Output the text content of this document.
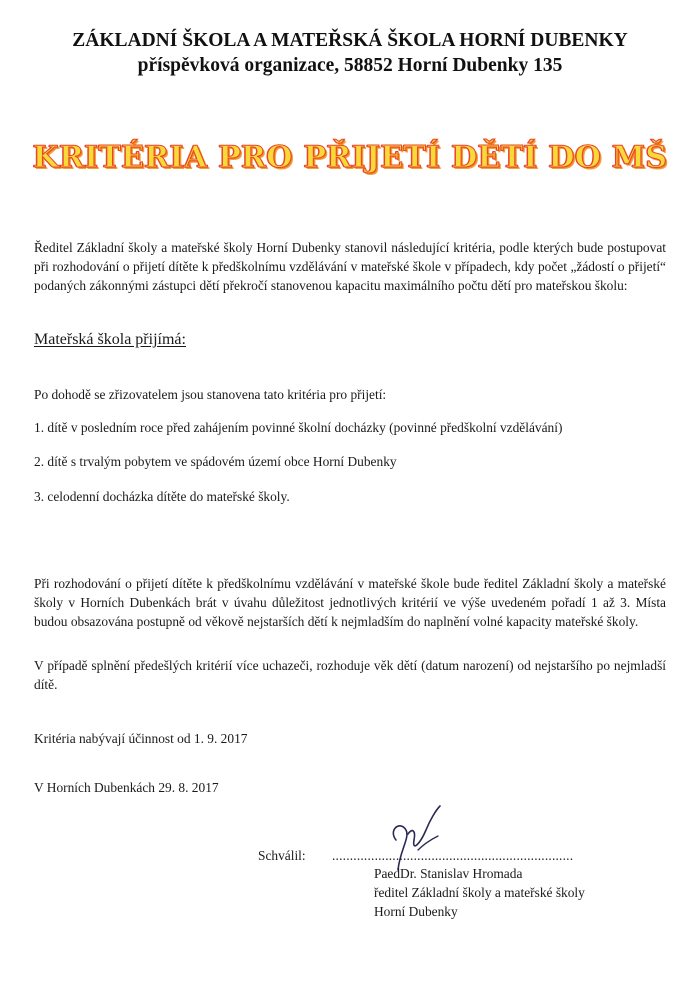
ZÁKLADNÍ ŠKOLA A MATEŘSKÁ ŠKOLA HORNÍ DUBENKY
příspěvková organizace, 58852 Horní Dubenky 135
KRITÉRIA PRO PŘIJETÍ DĚTÍ DO MŠ
Ředitel Základní školy a mateřské školy Horní Dubenky stanovil následující kritéria, podle kterých bude postupovat při rozhodování o přijetí dítěte k předškolnímu vzdělávání v mateřské škole v případech, kdy počet „žádostí o přijetí“ podaných zákonnými zástupci dětí překročí stanovenou kapacitu maximálního počtu dětí pro mateřskou školu:
Mateřská škola přijímá:
Po dohodě se zřizovatelem jsou stanovena tato kritéria pro přijetí:
1. dítě v posledním roce před zahájením povinné školní docházky (povinné předškolní vzdělávání)
2. dítě s trvalým pobytem ve spádovém území obce Horní Dubenky
3. celodenní docházka dítěte do mateřské školy.
Při rozhodování o přijetí dítěte k předškolnímu vzdělávání v mateřské škole bude ředitel Základní školy a mateřské školy v Horních Dubenkách brát v úvahu důležitost jednotlivých kritérií ve výše uvedeném pořadí 1 až 3. Místa budou obsazována postupně od věkově nejstarších dětí k nejmladším do naplnění volné kapacity mateřské školy.
V případě splnění předešlých kritérií více uchazeči, rozhoduje věk dětí (datum narození) od nejstaršího po nejmladší dítě.
Kritéria nabývají účinnost od 1. 9. 2017
V Horních Dubenkách 29. 8. 2017
Schválil: ....................................................................
PaedDr. Stanislav Hromada
ředitel Základní školy a mateřské školy
Horní Dubenky
